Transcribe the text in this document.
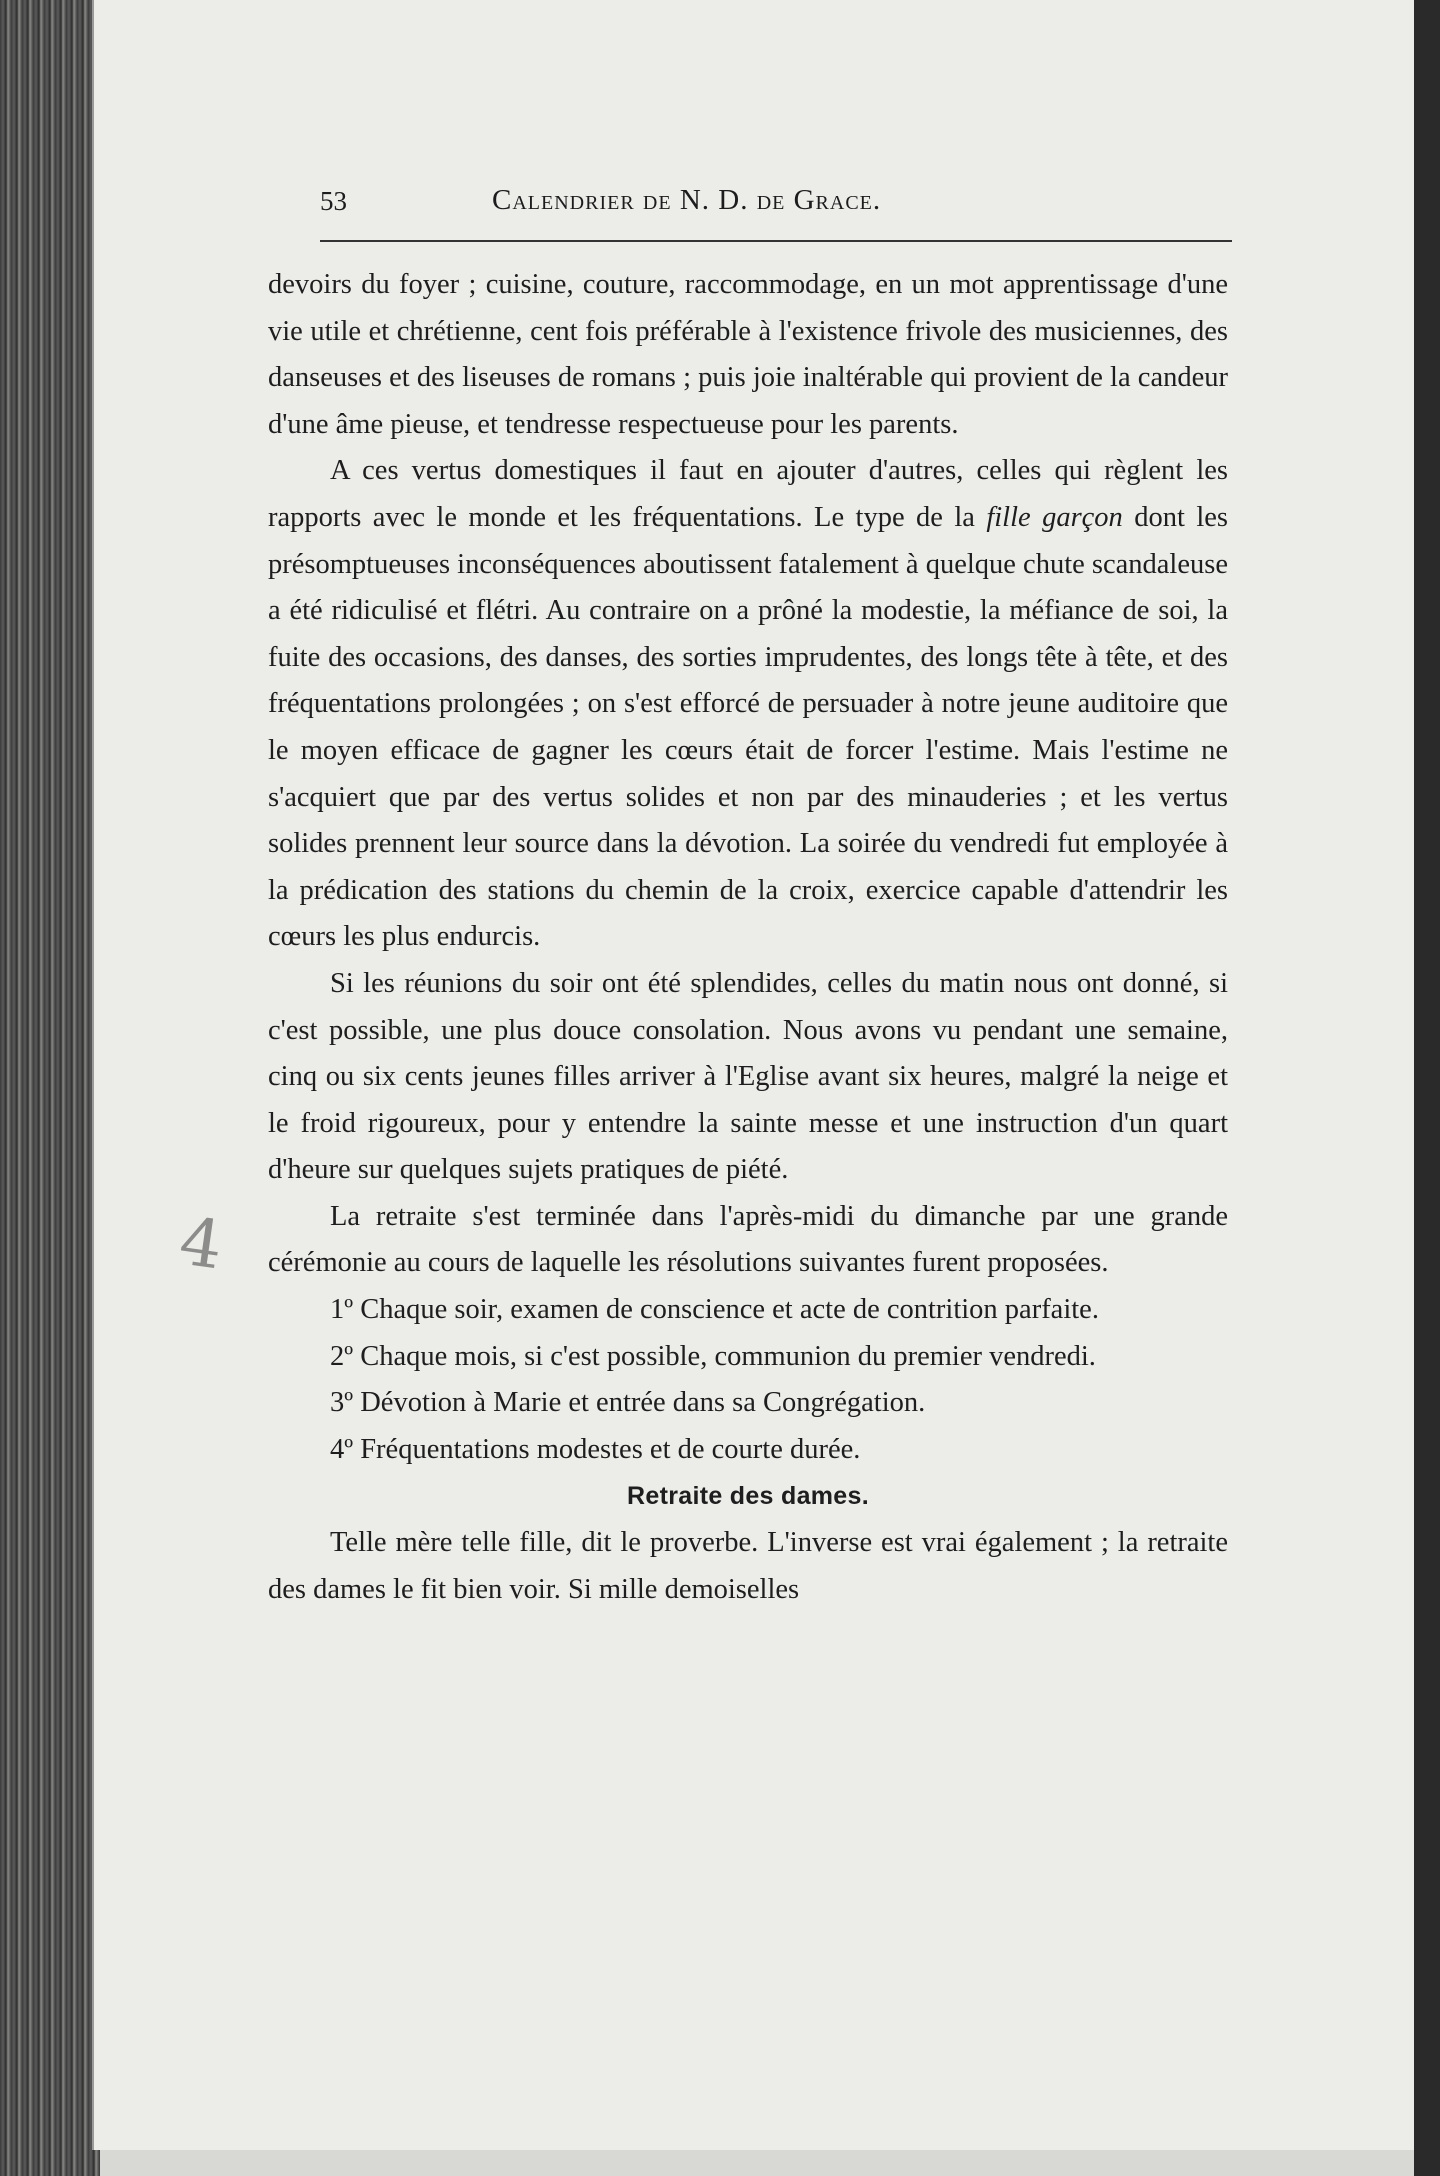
53	Calendrier de N. D. de Grace.
4

devoirs du foyer ; cuisine, couture, raccommodage, en un mot apprentissage d'une vie utile et chrétienne, cent fois préférable à l'existence frivole des musiciennes, des danseuses et des liseuses de romans ; puis joie inaltérable qui provient de la candeur d'une âme pieuse, et tendresse respectueuse pour les parents.

A ces vertus domestiques il faut en ajouter d'autres, celles qui règlent les rapports avec le monde et les fréquentations. Le type de la fille garçon dont les présomptueuses inconséquences aboutissent fatalement à quelque chute scandaleuse a été ridiculisé et flétri. Au contraire on a prôné la modestie, la méfiance de soi, la fuite des occasions, des danses, des sorties imprudentes, des longs tête à tête, et des fréquentations prolongées ; on s'est efforcé de persuader à notre jeune auditoire que le moyen efficace de gagner les cœurs était de forcer l'estime. Mais l'estime ne s'acquiert que par des vertus solides et non par des minauderies ; et les vertus solides prennent leur source dans la dévotion. La soirée du vendredi fut employée à la prédication des stations du chemin de la croix, exercice capable d'attendrir les cœurs les plus endurcis.

Si les réunions du soir ont été splendides, celles du matin nous ont donné, si c'est possible, une plus douce consolation. Nous avons vu pendant une semaine, cinq ou six cents jeunes filles arriver à l'Eglise avant six heures, malgré la neige et le froid rigoureux, pour y entendre la sainte messe et une instruction d'un quart d'heure sur quelques sujets pratiques de piété.

La retraite s'est terminée dans l'après-midi du dimanche par une grande cérémonie au cours de laquelle les résolutions suivantes furent proposées.

1º Chaque soir, examen de conscience et acte de contrition parfaite.

2º Chaque mois, si c'est possible, communion du premier vendredi.

3º Dévotion à Marie et entrée dans sa Congrégation.

4º Fréquentations modestes et de courte durée.

Retraite des dames.

Telle mère telle fille, dit le proverbe. L'inverse est vrai également ; la retraite des dames le fit bien voir. Si mille demoiselles
